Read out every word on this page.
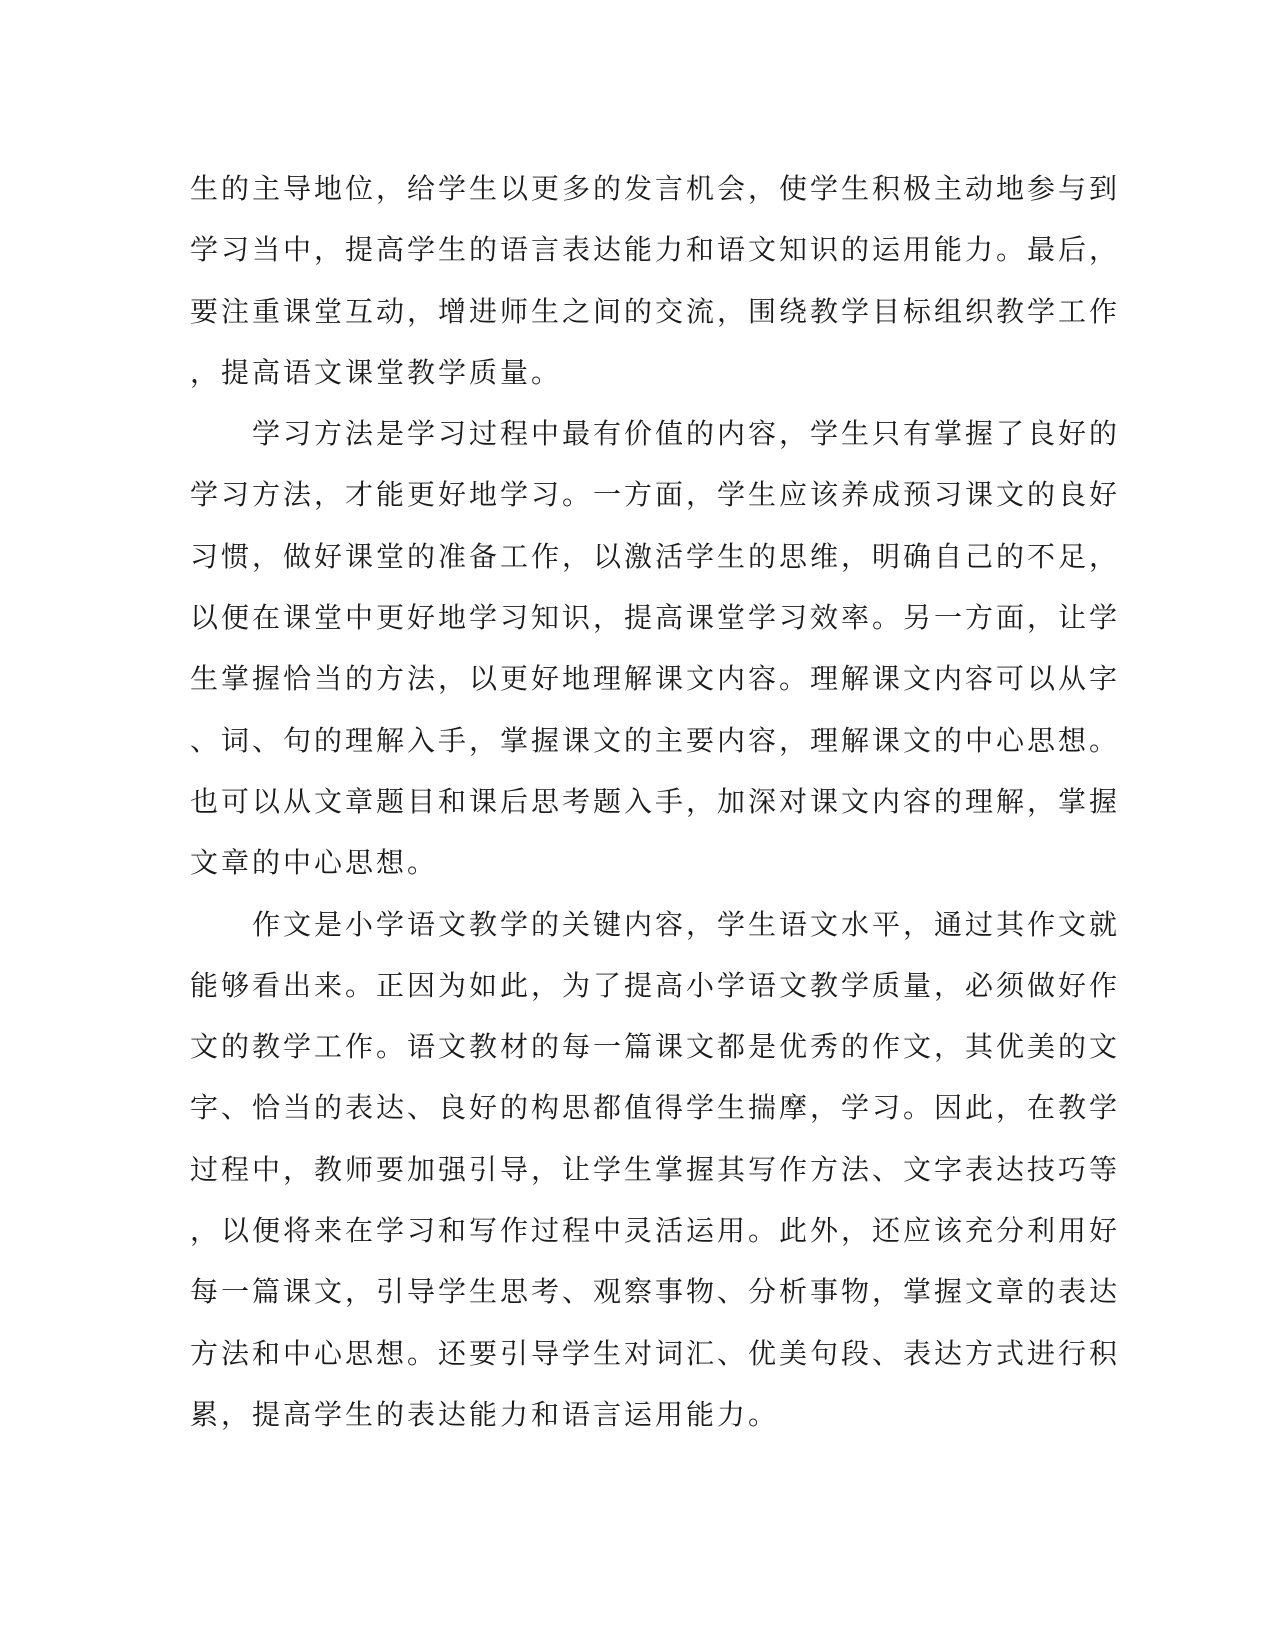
生的主导地位，给学生以更多的发言机会，使学生积极主动地参与到
学习当中，提高学生的语言表达能力和语文知识的运用能力。最后，
要注重课堂互动，增进师生之间的交流，围绕教学目标组织教学工作
，提高语文课堂教学质量。
　　学习方法是学习过程中最有价值的内容，学生只有掌握了良好的
学习方法，才能更好地学习。一方面，学生应该养成预习课文的良好
习惯，做好课堂的准备工作，以激活学生的思维，明确自己的不足，
以便在课堂中更好地学习知识，提高课堂学习效率。另一方面，让学
生掌握恰当的方法，以更好地理解课文内容。理解课文内容可以从字
、词、句的理解入手，掌握课文的主要内容，理解课文的中心思想。
也可以从文章题目和课后思考题入手，加深对课文内容的理解，掌握
文章的中心思想。
　　作文是小学语文教学的关键内容，学生语文水平，通过其作文就
能够看出来。正因为如此，为了提高小学语文教学质量，必须做好作
文的教学工作。语文教材的每一篇课文都是优秀的作文，其优美的文
字、恰当的表达、良好的构思都值得学生揣摩，学习。因此，在教学
过程中，教师要加强引导，让学生掌握其写作方法、文字表达技巧等
，以便将来在学习和写作过程中灵活运用。此外，还应该充分利用好
每一篇课文，引导学生思考、观察事物、分析事物，掌握文章的表达
方法和中心思想。还要引导学生对词汇、优美句段、表达方式进行积
累，提高学生的表达能力和语言运用能力。
